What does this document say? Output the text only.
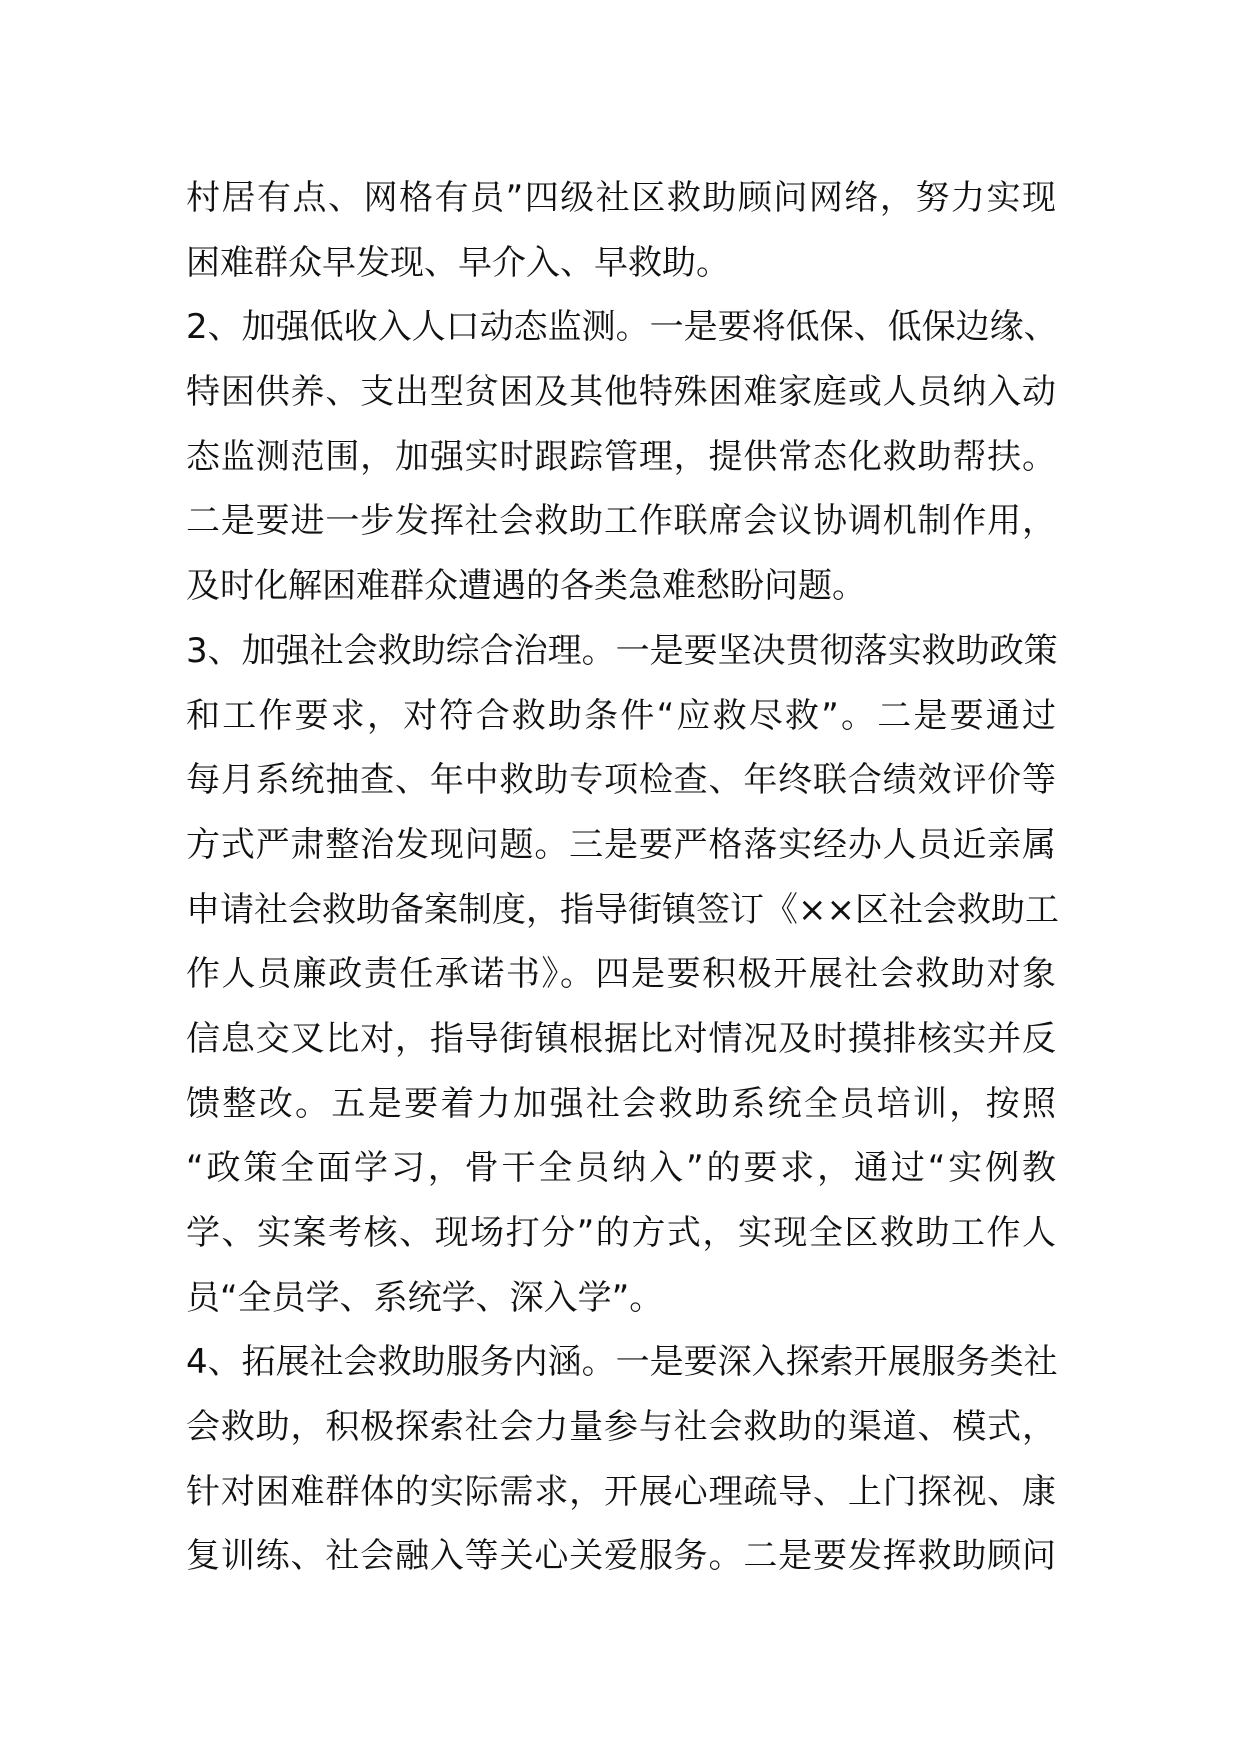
村居有点、网格有员”四级社区救助顾问网络，努力实现
困难群众早发现、早介入、早救助。
2、加强低收入人口动态监测。一是要将低保、低保边缘、
特困供养、支出型贫困及其他特殊困难家庭或人员纳入动
态监测范围，加强实时跟踪管理，提供常态化救助帮扶。
二是要进一步发挥社会救助工作联席会议协调机制作用，
及时化解困难群众遭遇的各类急难愁盼问题。
3、加强社会救助综合治理。一是要坚决贯彻落实救助政策
和工作要求，对符合救助条件“应救尽救”。二是要通过
每月系统抽查、年中救助专项检查、年终联合绩效评价等
方式严肃整治发现问题。三是要严格落实经办人员近亲属
申请社会救助备案制度，指导街镇签订《××区社会救助工
作人员廉政责任承诺书》。四是要积极开展社会救助对象
信息交叉比对，指导街镇根据比对情况及时摸排核实并反
馈整改。五是要着力加强社会救助系统全员培训，按照
“政策全面学习，骨干全员纳入”的要求，通过“实例教
学、实案考核、现场打分”的方式，实现全区救助工作人
员“全员学、系统学、深入学”。
4、拓展社会救助服务内涵。一是要深入探索开展服务类社
会救助，积极探索社会力量参与社会救助的渠道、模式，
针对困难群体的实际需求，开展心理疏导、上门探视、康
复训练、社会融入等关心关爱服务。二是要发挥救助顾问
